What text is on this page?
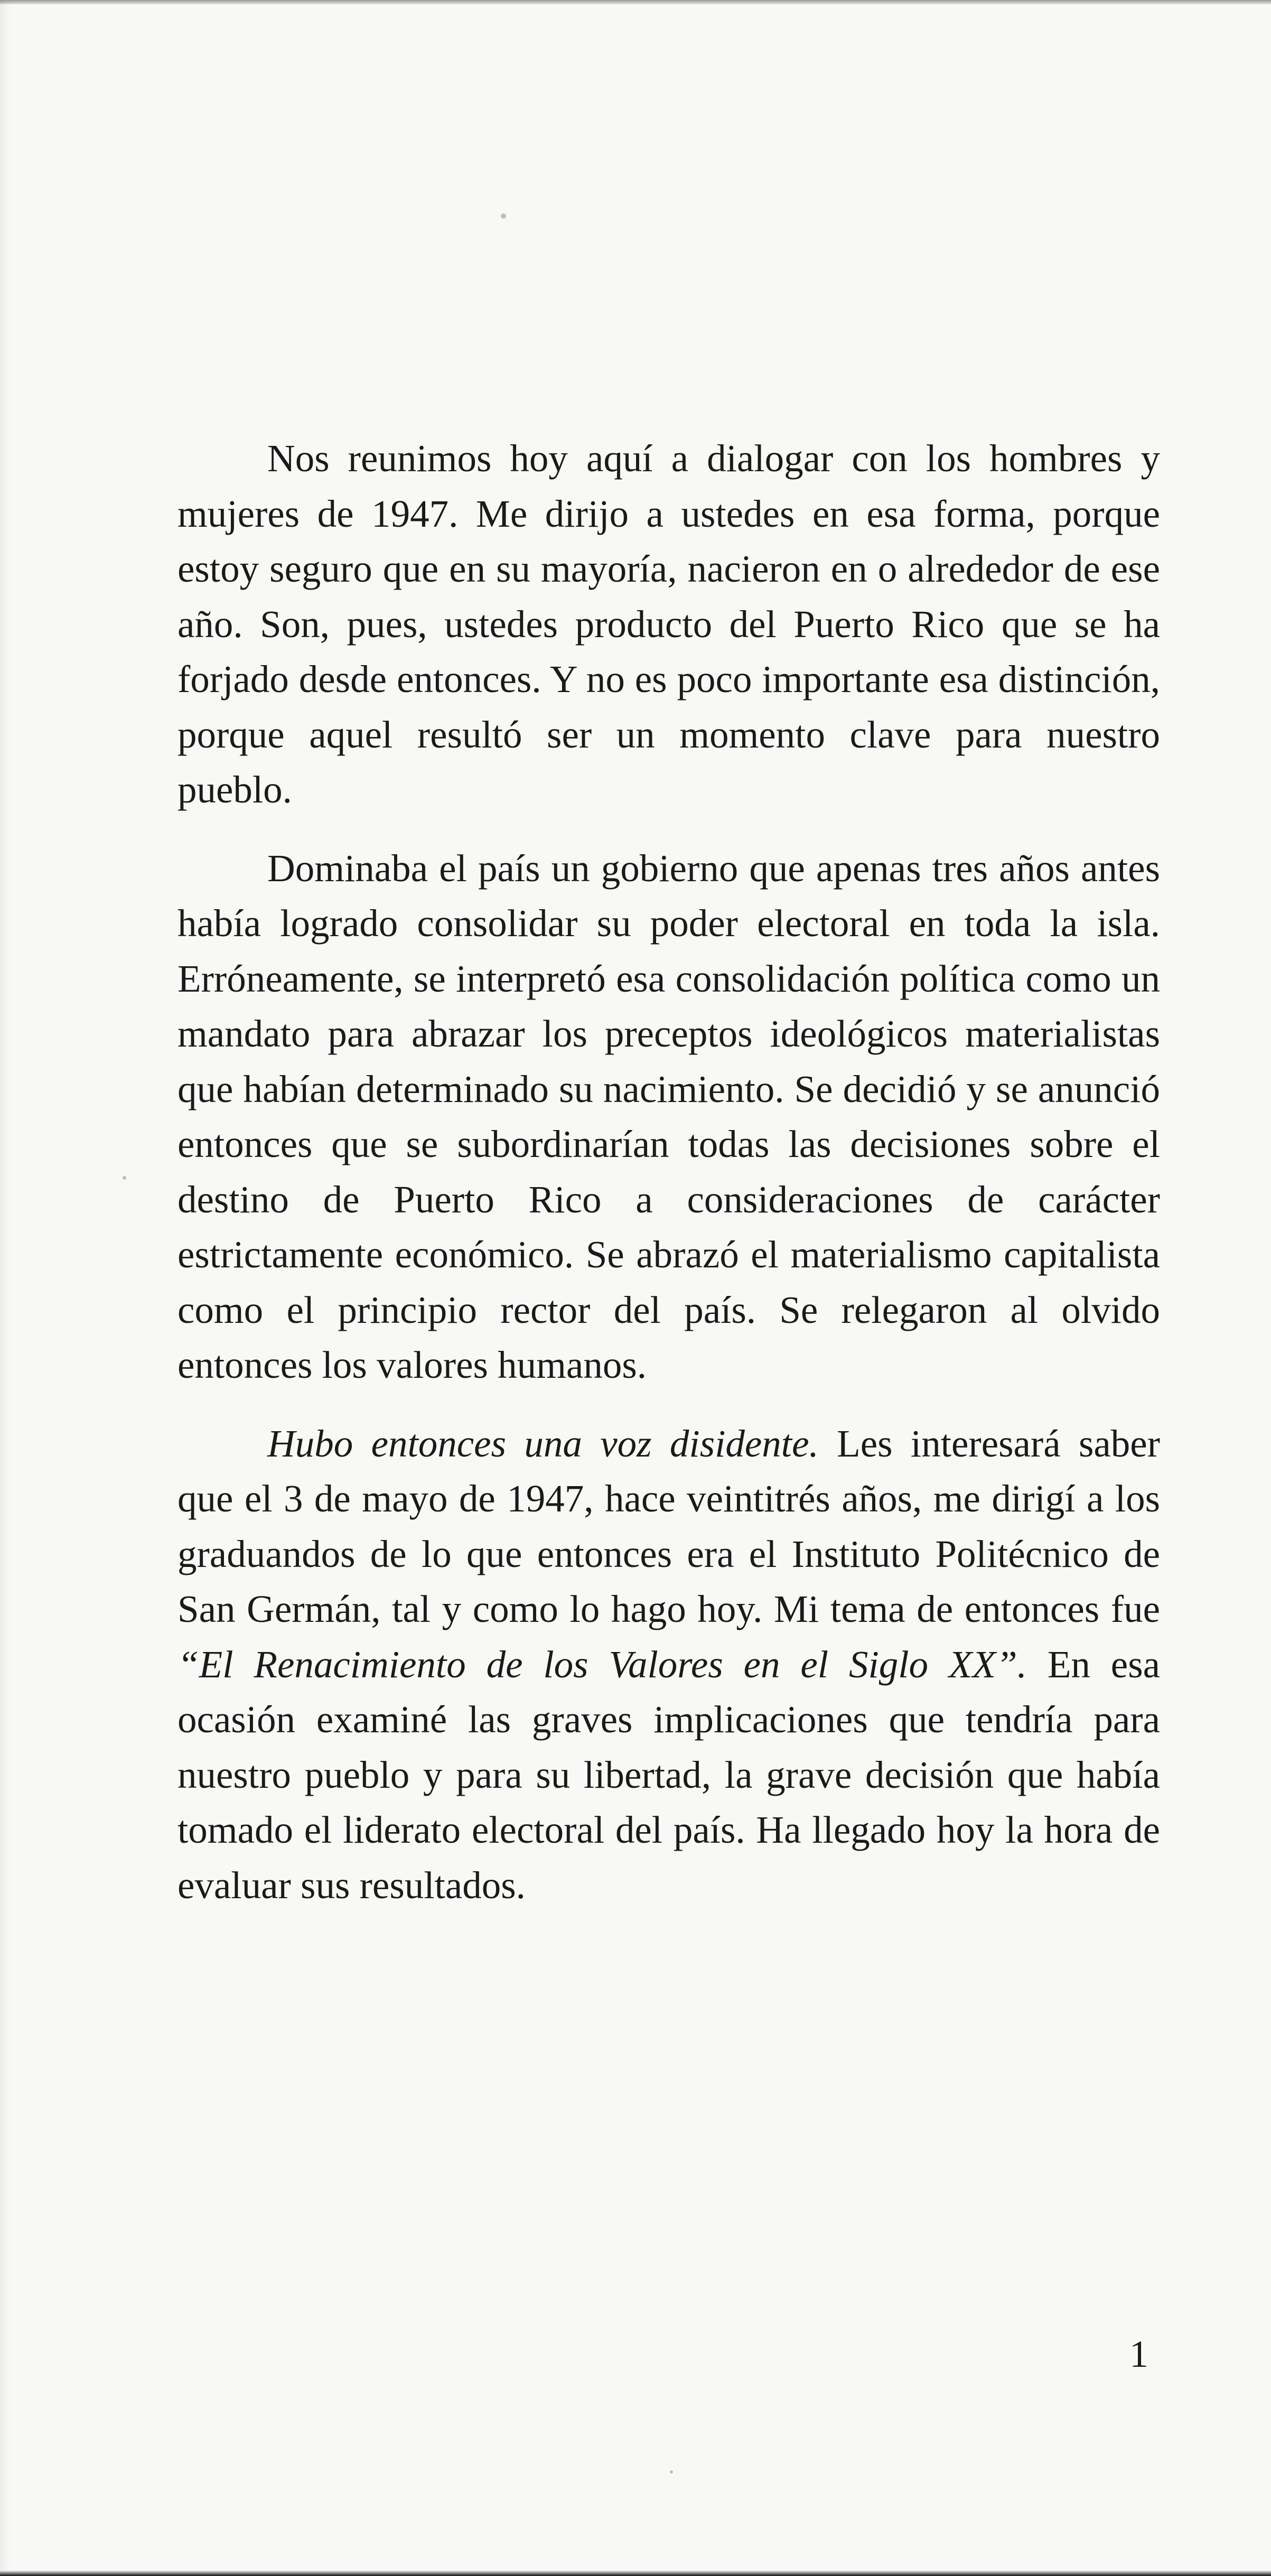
Nos reunimos hoy aquí a dialogar con los hombres y mujeres de 1947. Me dirijo a ustedes en esa forma, porque estoy seguro que en su mayoría, nacieron en o alrededor de ese año. Son, pues, ustedes producto del Puerto Rico que se ha forjado desde entonces. Y no es poco importante esa distinción, porque aquel resultó ser un momento clave para nuestro pueblo.

Dominaba el país un gobierno que apenas tres años antes había logrado consolidar su poder electoral en toda la isla. Erróneamente, se interpretó esa consolidación política como un mandato para abrazar los preceptos ideológicos materialistas que habían determinado su nacimiento. Se decidió y se anunció entonces que se subordinarían todas las decisiones sobre el destino de Puerto Rico a consideraciones de carácter estrictamente económico. Se abrazó el materialismo capitalista como el principio rector del país. Se relegaron al olvido entonces los valores humanos.

Hubo entonces una voz disidente. Les interesará saber que el 3 de mayo de 1947, hace veintitrés años, me dirigí a los graduandos de lo que entonces era el Instituto Politécnico de San Germán, tal y como lo hago hoy. Mi tema de entonces fue “El Renacimiento de los Valores en el Siglo XX”. En esa ocasión examiné las graves implicaciones que tendría para nuestro pueblo y para su libertad, la grave decisión que había tomado el liderato electoral del país. Ha llegado hoy la hora de evaluar sus resultados.

1
